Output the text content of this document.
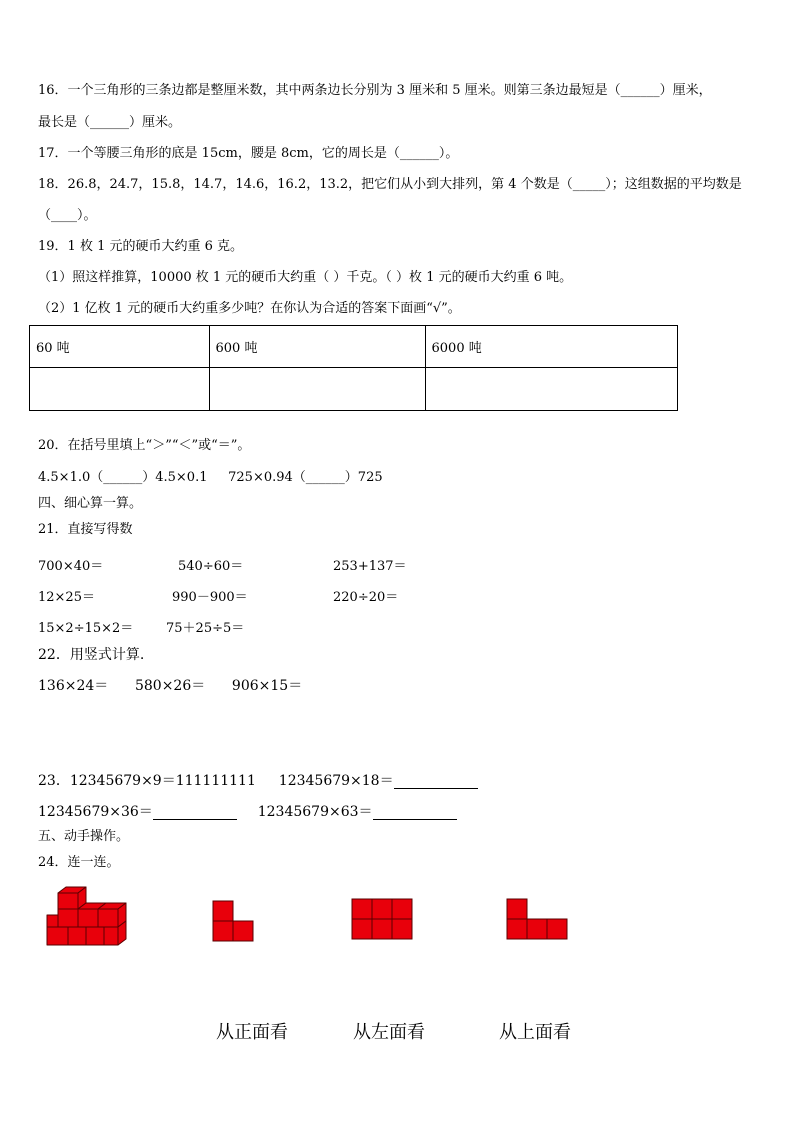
16．一个三角形的三条边都是整厘米数，其中两条边长分别为 3 厘米和 5 厘米。则第三条边最短是（______）厘米，
最长是（______）厘米。
17．一个等腰三角形的底是 15cm，腰是 8cm，它的周长是（______）。
18．26.8，24.7，15.8，14.7，14.6，16.2，13.2，把它们从小到大排列，第 4 个数是（_____）；这组数据的平均数是
（____）。
19．1 枚 1 元的硬币大约重 6 克。
（1）照这样推算，10000 枚 1 元的硬币大约重（ ）千克。（ ）枚 1 元的硬币大约重 6 吨。
（2）1 亿枚 1 元的硬币大约重多少吨？在你认为合适的答案下面画“√”。
60 吨	600 吨	6000 吨

20．在括号里填上“＞”“＜”或“＝”。
4.5×1.0（______）4.5×0.1     725×0.94（______）725
四、细心算一算。
21．直接写得数
700×40＝	540÷60＝	253+137＝
12×25＝	990－900＝	220÷20＝
15×2÷15×2＝	75＋25÷5＝
22．用竖式计算.
136×24＝      580×26＝      906×15＝
23．12345679×9＝111111111 12345679×18＝
12345679×36＝	12345679×63＝
五、动手操作。
24．连一连。
从正面看	从左面看	从上面看
